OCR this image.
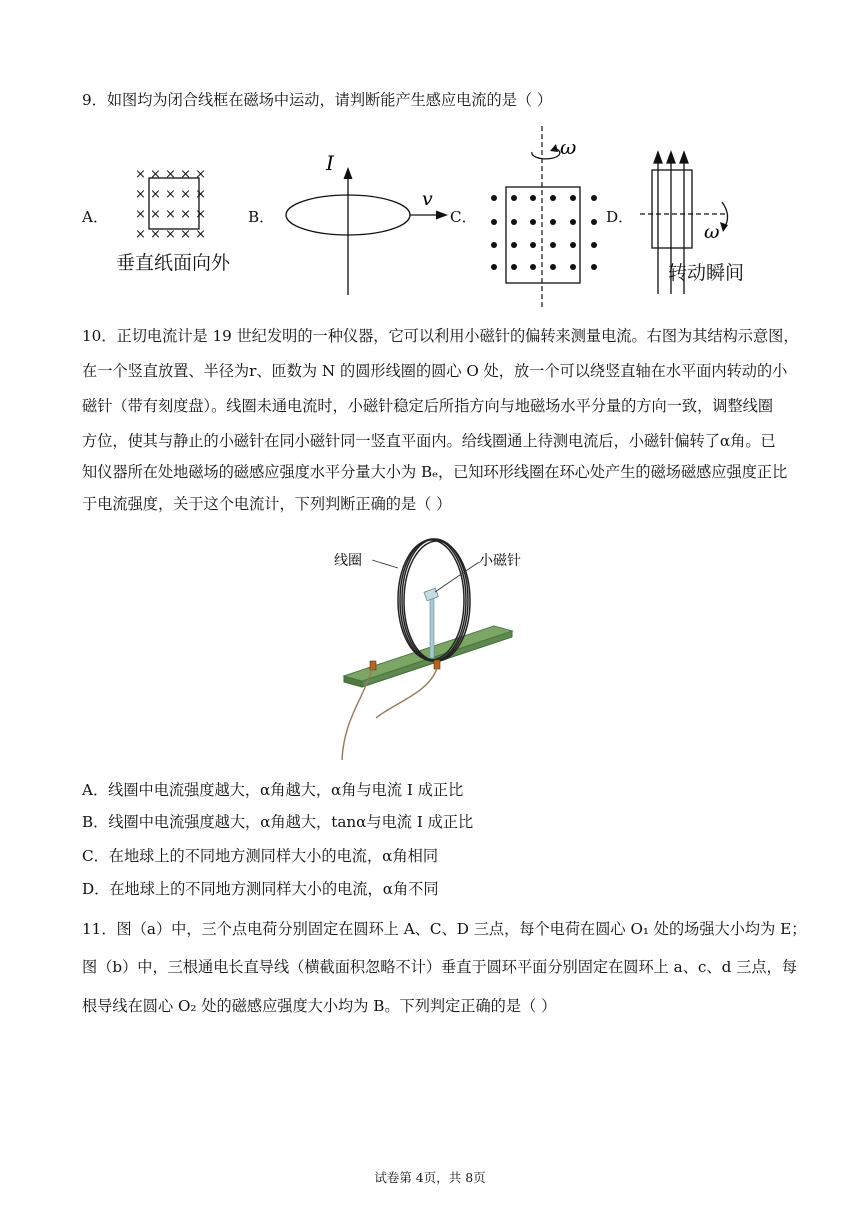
9．如图均为闭合线框在磁场中运动，请判断能产生感应电流的是（ ）
A．
× × × × ×
× × × × ×
× × × × ×
× × × × ×
垂直纸面向外
B．
I
v
C．
ω
D．
ω
转动瞬间
10．正切电流计是 19 世纪发明的一种仪器，它可以利用小磁针的偏转来测量电流。右图为其结构示意图，
在一个竖直放置、半径为r、匝数为 N 的圆形线圈的圆心 O 处，放一个可以绕竖直轴在水平面内转动的小
磁针（带有刻度盘）。线圈未通电流时，小磁针稳定后所指方向与地磁场水平分量的方向一致，调整线圈
方位，使其与静止的小磁针在同小磁针同一竖直平面内。给线圈通上待测电流后，小磁针偏转了α角。已
知仪器所在处地磁场的磁感应强度水平分量大小为 Bₑ，已知环形线圈在环心处产生的磁场磁感应强度正比
于电流强度，关于这个电流计，下列判断正确的是（ ）
线圈	小磁针
A．线圈中电流强度越大，α角越大，α角与电流 I 成正比
B．线圈中电流强度越大，α角越大，tanα与电流 I 成正比
C．在地球上的不同地方测同样大小的电流，α角相同
D．在地球上的不同地方测同样大小的电流，α角不同
11．图（a）中，三个点电荷分别固定在圆环上 A、C、D 三点，每个电荷在圆心 O₁ 处的场强大小均为 E；
图（b）中，三根通电长直导线（横截面积忽略不计）垂直于圆环平面分别固定在圆环上 a、c、d 三点，每
根导线在圆心 O₂ 处的磁感应强度大小均为 B。下列判定正确的是（ ）
试卷第 4页，共 8页
